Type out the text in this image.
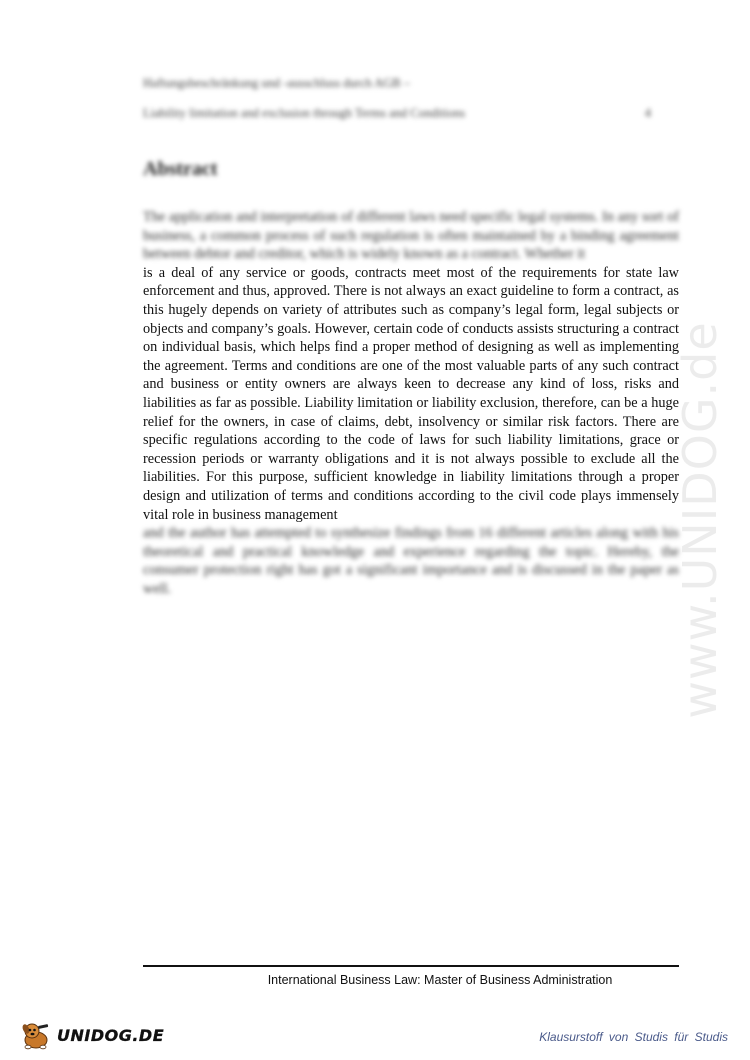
Haftungsbeschränkung und -ausschluss durch AGB –
Liability limitation and exclusion through Terms and Conditions	4
Abstract

The application and interpretation of different laws need specific legal systems. In any sort of business, a common process of such regulation is often maintained by a binding agreement between debtor and creditor, which is widely known as a contract. Whether it

is a deal of any service or goods, contracts meet most of the requirements for state law enforcement and thus, approved. There is not always an exact guideline to form a contract, as this hugely depends on variety of attributes such as company’s legal form, legal subjects or objects and company’s goals. However, certain code of conducts assists structuring a contract on individual basis, which helps find a proper method of designing as well as implementing the agreement. Terms and conditions are one of the most valuable parts of any such contract and business or entity owners are always keen to decrease any kind of loss, risks and liabilities as far as possible. Liability limitation or liability exclusion, therefore, can be a huge relief for the owners, in case of claims, debt, insolvency or similar risk factors. There are specific regulations according to the code of laws for such liability limitations, grace or recession periods or warranty obligations and it is not always possible to exclude all the liabilities. For this purpose, sufficient knowledge in liability limitations through a proper design and utilization of terms and conditions according to the civil code plays immensely vital role in business management

and the author has attempted to synthesize findings from 16 different articles along with his theoretical and practical knowledge and experience regarding the topic. Hereby, the consumer protection right has got a significant importance and is discussed in the paper as well.	www.UNIDOG.de
International Business Law: Master of Business Administration
UNIDOG.DE	Klausurstoff von Studis für Studis
